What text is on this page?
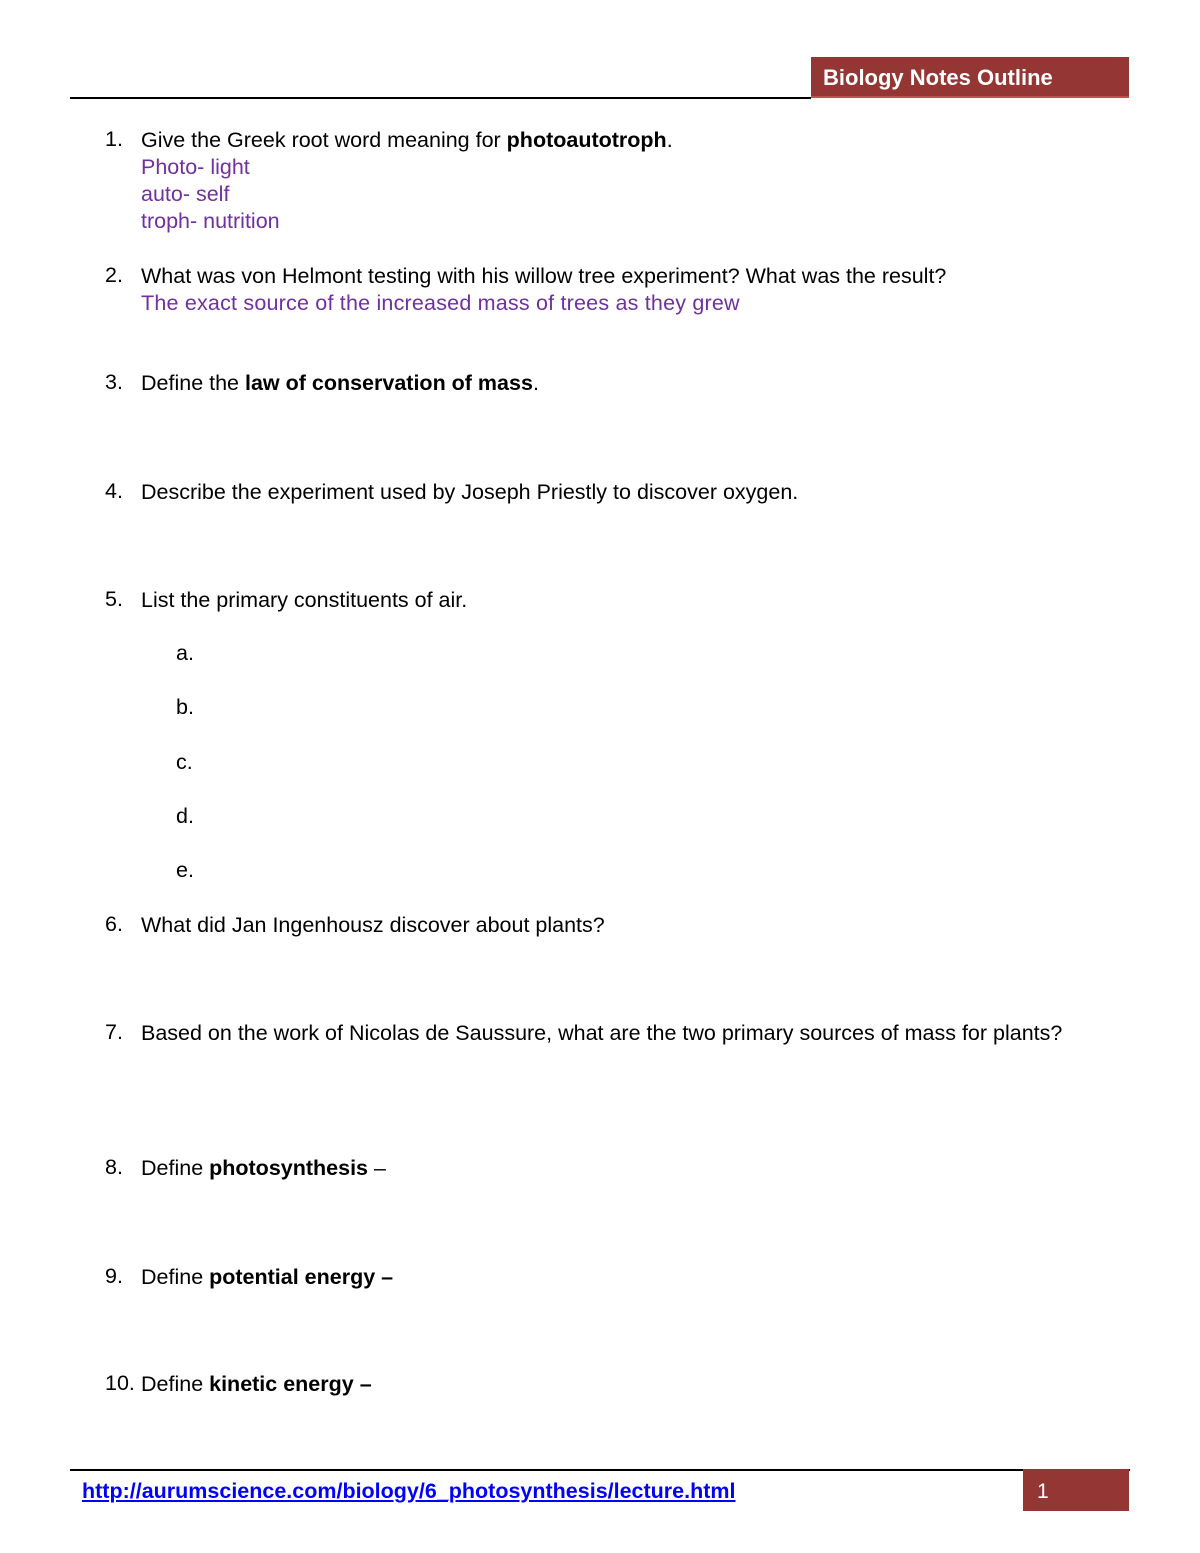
Biology Notes Outline
1. Give the Greek root word meaning for photoautotroph.
Photo- light
auto- self
troph- nutrition
2. What was von Helmont testing with his willow tree experiment? What was the result?
The exact source of the increased mass of trees as they grew
3. Define the law of conservation of mass.
4. Describe the experiment used by Joseph Priestly to discover oxygen.
5. List the primary constituents of air.
a.
b.
c.
d.
e.
6. What did Jan Ingenhousz discover about plants?
7. Based on the work of Nicolas de Saussure, what are the two primary sources of mass for plants?
8. Define photosynthesis –
9. Define potential energy –
10. Define kinetic energy –
http://aurumscience.com/biology/6_photosynthesis/lecture.html	1
